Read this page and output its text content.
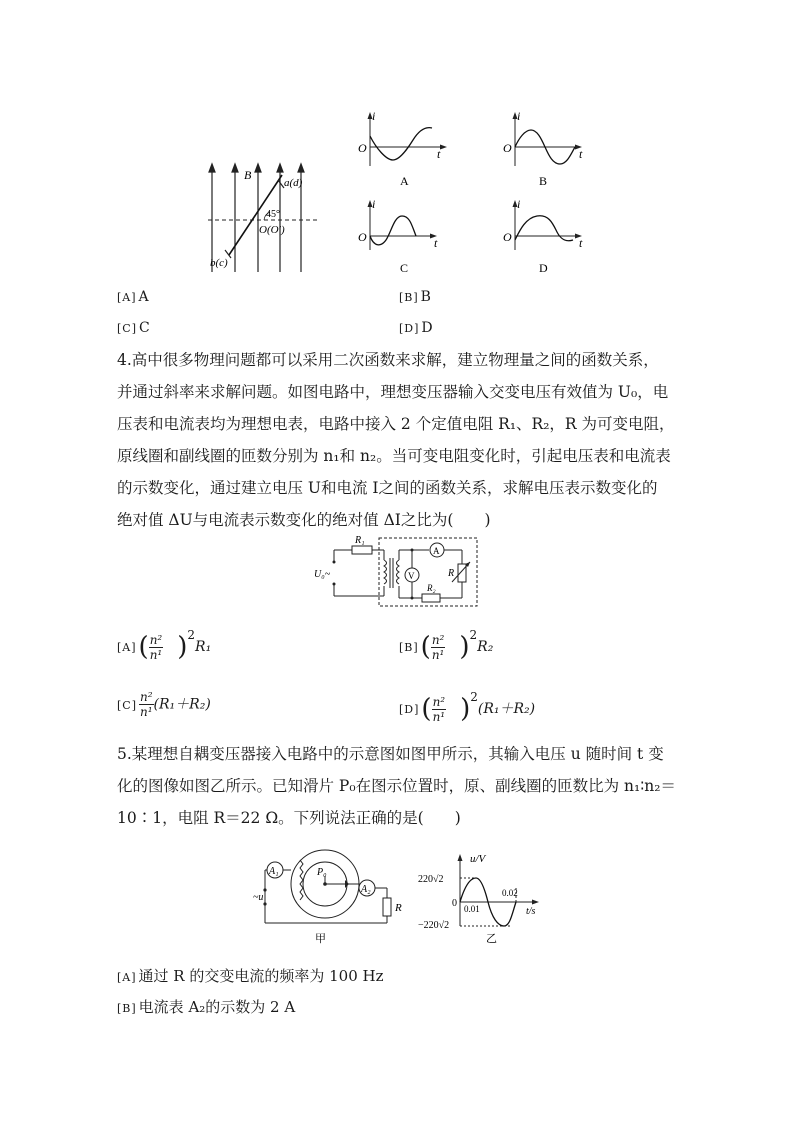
B
a(d)
b(c)
45°
O(O′)
i
O	t
A
i
O	t
B
i
O	t
C
i
O	t
D
[A] A	[B] B
[C] C	[D] D
4.高中很多物理问题都可以采用二次函数来求解，建立物理量之间的函数关系，
并通过斜率来求解问题。如图电路中，理想变压器输入交变电压有效值为 U₀，电
压表和电流表均为理想电表，电路中接入 2 个定值电阻 R₁、R₂，R 为可变电阻，
原线圈和副线圈的匝数分别为 n₁和 n₂。当可变电阻变化时，引起电压表和电流表
的示数变化，通过建立电压 U和电流 I之间的函数关系，求解电压表示数变化的
绝对值 ΔU与电流表示数变化的绝对值 ΔI之比为(　　)
R₁
U₀~	V
A
R
R₂
$[A]( \frac{\text{n²}}{\text{n¹}} )2R_1$	$[B]( \frac{\text{n²}}{\text{n¹}} )2R_2$
$[C] \frac{\text{n²}}{\text{n¹}} (R_1+R_2)$	$[D]( \frac{\text{n²}}{\text{n¹}} )2(R_1+R_2)$
5.某理想自耦变压器接入电路中的示意图如图甲所示，其输入电压 u 随时间 t 变
化的图像如图乙所示。已知滑片 P₀在图示位置时，原、副线圈的匝数比为 n₁∶n₂＝
10∶1，电阻 R＝22 Ω。下列说法正确的是(　　)
A₁	P₀
A₂
~u
R
甲
u/V
220√2
0
−220√2
0.01
0.02
t/s
乙
[A] 通过 R 的交变电流的频率为 100 Hz
[B] 电流表 A₂的示数为 2 A
